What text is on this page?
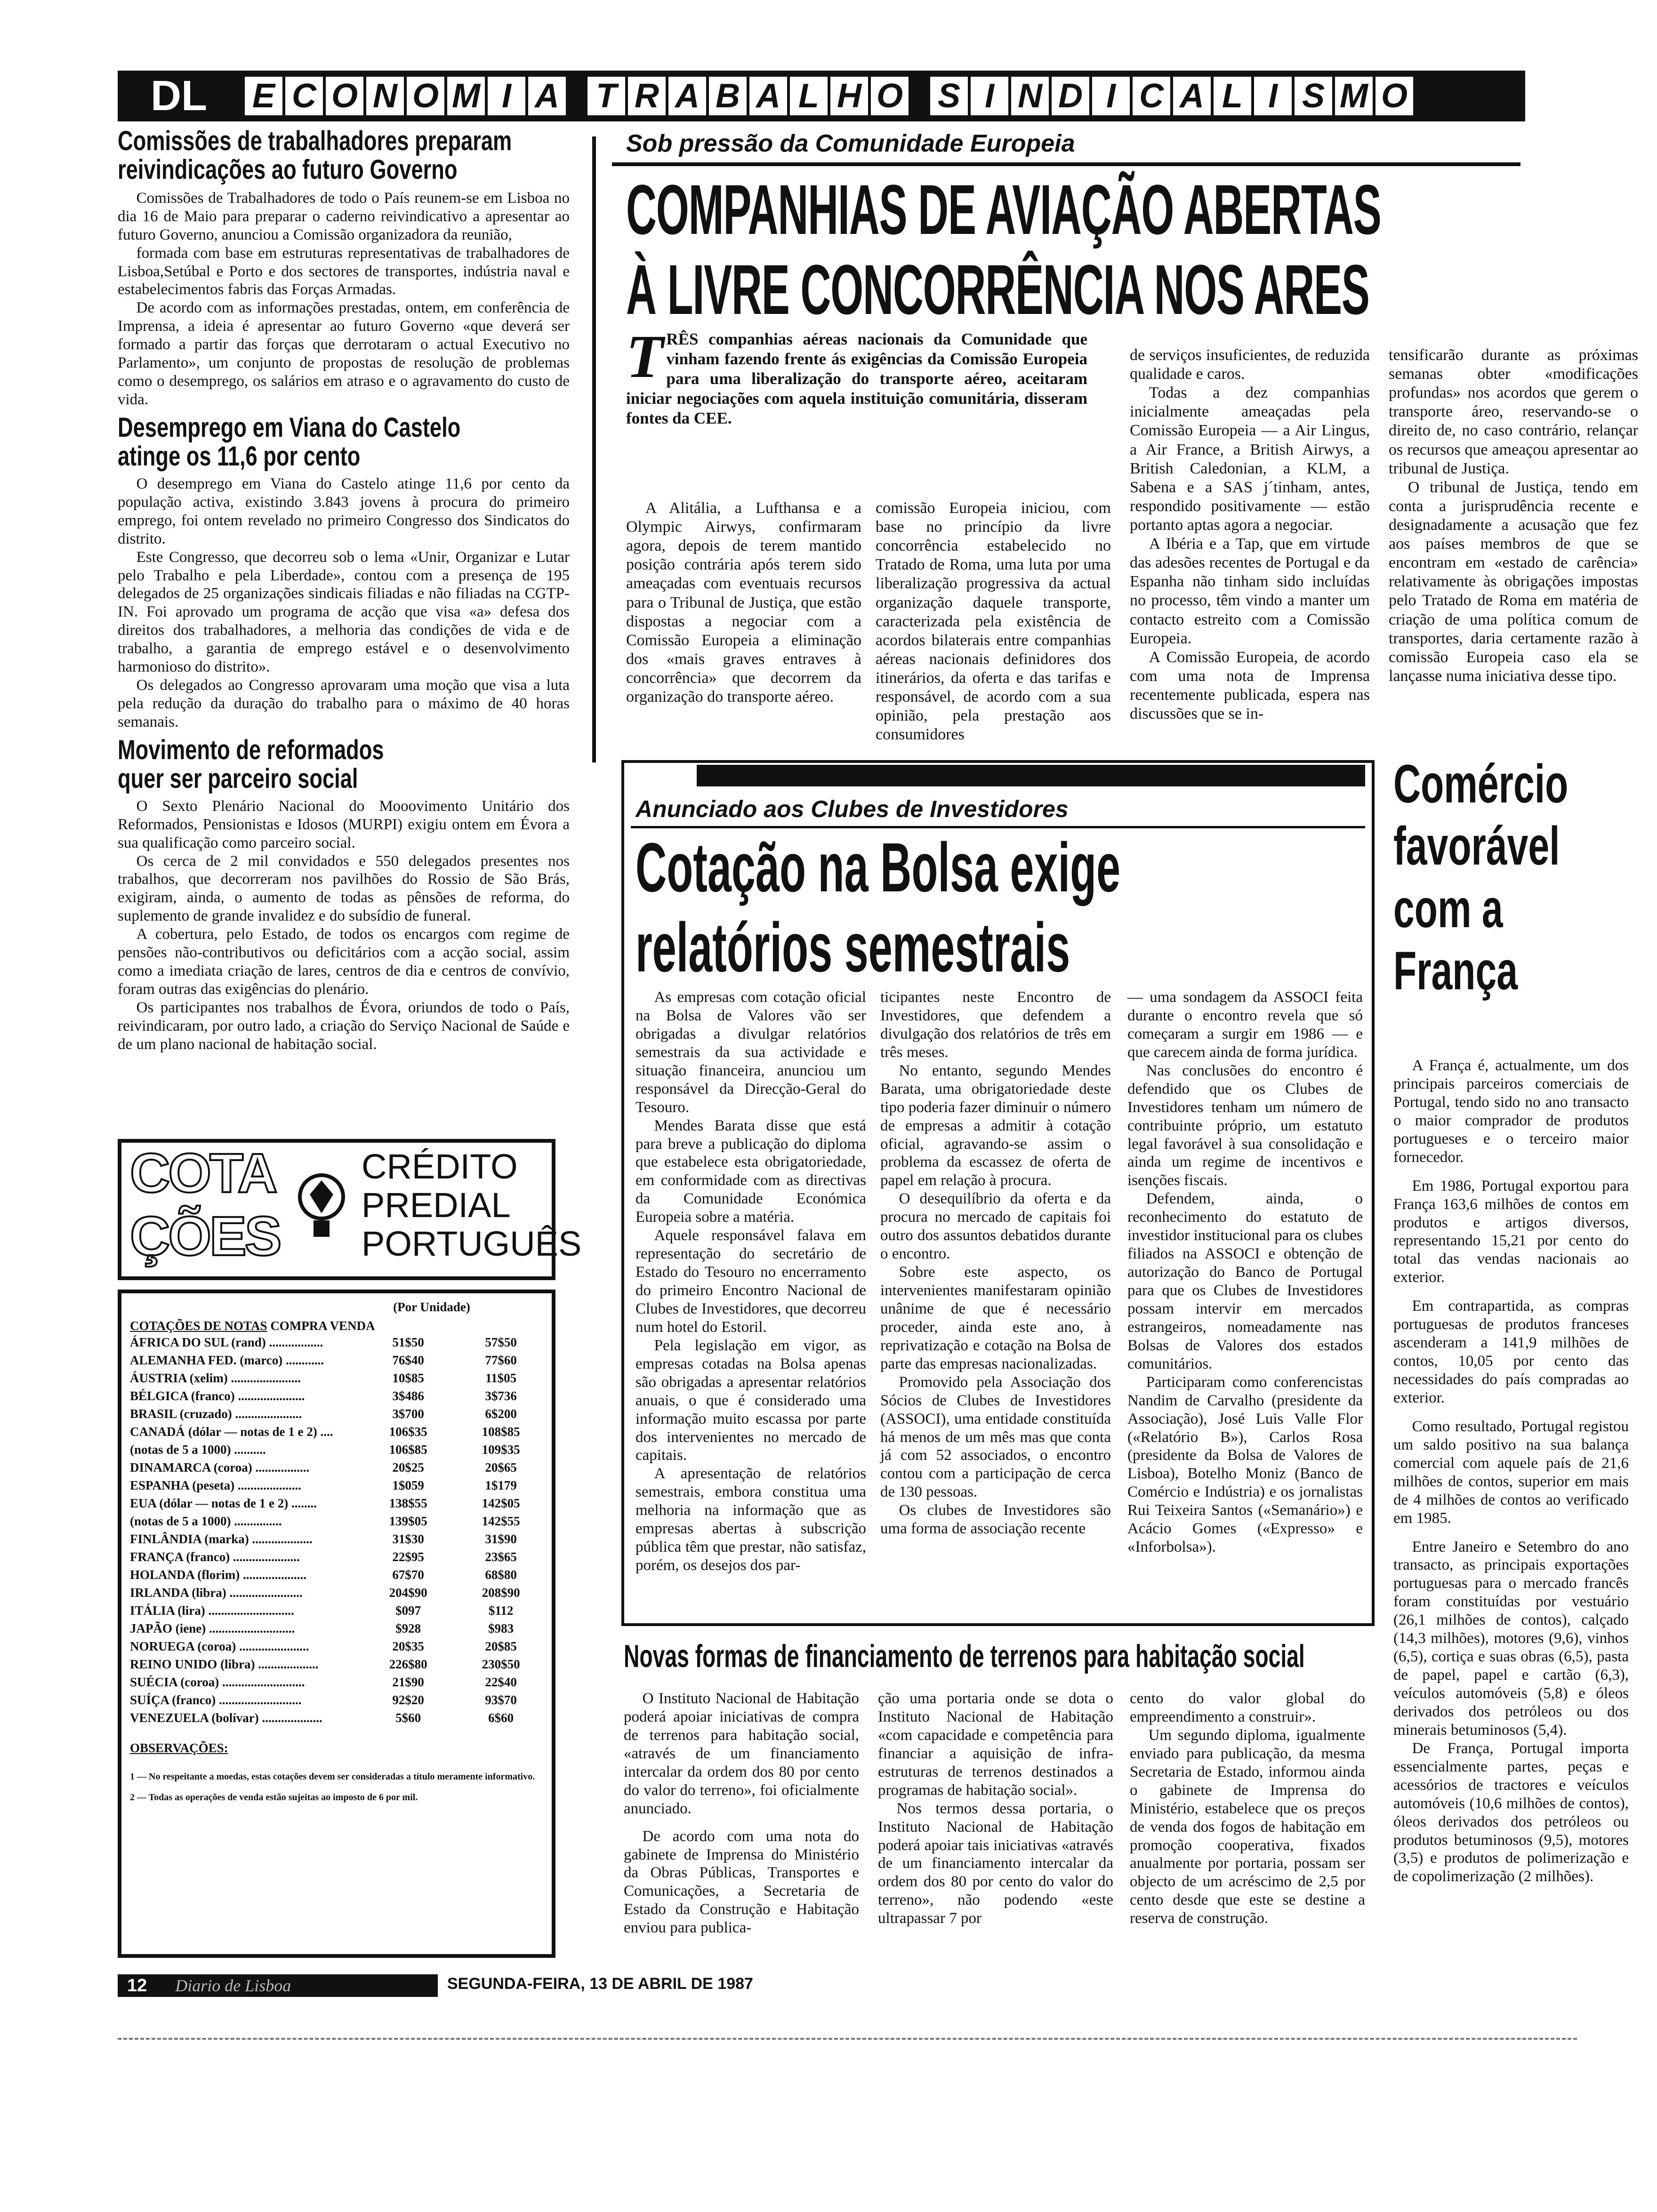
DL	E C O N O M I A T R A B A L H O S I N D I C A L I S M O
Comissões de trabalhadores preparam
reivindicações ao futuro Governo

Comissões de Trabalhadores de todo o País reunem-se em Lisboa no dia 16 de Maio para preparar o caderno reivindicativo a apresentar ao futuro Governo, anunciou a Comissão organizadora da reunião,

formada com base em estruturas representativas de trabalhadores de Lisboa,Setúbal e Porto e dos sectores de transportes, indústria naval e estabelecimentos fabris das Forças Armadas.

De acordo com as informações prestadas, ontem, em conferência de Imprensa, a ideia é apresentar ao futuro Governo «que deverá ser formado a partir das forças que derrotaram o actual Executivo no Parlamento», um conjunto de propostas de resolução de problemas como o desemprego, os salários em atraso e o agravamento do custo de vida.

Desemprego em Viana do Castelo
atinge os 11,6 por cento

O desemprego em Viana do Castelo atinge 11,6 por cento da população activa, existindo 3.843 jovens à procura do primeiro emprego, foi ontem revelado no primeiro Congresso dos Sindicatos do distrito.

Este Congresso, que decorreu sob o lema «Unir, Organizar e Lutar pelo Trabalho e pela Liberdade», contou com a presença de 195 delegados de 25 organizações sindicais filiadas e não filiadas na CGTP-IN. Foi aprovado um programa de acção que visa «a» defesa dos direitos dos trabalhadores, a melhoria das condições de vida e de trabalho, a garantia de emprego estável e o desenvolvimento harmonioso do distrito».

Os delegados ao Congresso aprovaram uma moção que visa a luta pela redução da duração do trabalho para o máximo de 40 horas semanais.

Movimento de reformados
quer ser parceiro social

O Sexto Plenário Nacional do Mooovimento Unitário dos Reformados, Pensionistas e Idosos (MURPI) exigiu ontem em Évora a sua qualificação como parceiro social.

Os cerca de 2 mil convidados e 550 delegados presentes nos trabalhos, que decorreram nos pavilhões do Rossio de São Brás, exigiram, ainda, o aumento de todas as pênsões de reforma, do suplemento de grande invalidez e do subsídio de funeral.

A cobertura, pelo Estado, de todos os encargos com regime de pensões não-contributivos ou deficitários com a acção social, assim como a imediata criação de lares, centros de dia e centros de convívio, foram outras das exigências do plenário.

Os participantes nos trabalhos de Évora, oriundos de todo o País, reivindicaram, por outro lado, a criação do Serviço Nacional de Saúde e de um plano nacional de habitação social.

COTA
ÇÕES
CRÉDITO
PREDIAL
PORTUGUÊS
(Por Unidade)
COTAÇÕES DE NOTAS COMPRA VENDA
ÁFRICA DO SUL (rand) .................	51$50	57$50
ALEMANHA FED. (marco) ............	76$40	77$60
ÁUSTRIA (xelim) ......................	10$85	11$05
BÉLGICA (franco) .....................	3$486	3$736
BRASIL (cruzado) .....................	3$700	6$200
CANADÁ (dólar — notas de 1 e 2) ....	106$35	108$85
(notas de 5 a 1000) ..........	106$85	109$35
DINAMARCA (coroa) .................	20$25	20$65
ESPANHA (peseta) ....................	1$059	1$179
EUA (dólar — notas de 1 e 2) ........	138$55	142$05
(notas de 5 a 1000) ...............	139$05	142$55
FINLÂNDIA (marka) ...................	31$30	31$90
FRANÇA (franco) .....................	22$95	23$65
HOLANDA (florim) ....................	67$70	68$80
IRLANDA (libra) .......................	204$90	208$90
ITÁLIA (lira) ...........................	$097	$112
JAPÃO (iene) ...........................	$928	$983
NORUEGA (coroa) ......................	20$35	20$85
REINO UNIDO (libra) ...................	226$80	230$50
SUÉCIA (coroa) ..........................	21$90	22$40
SUÍÇA (franco) ..........................	92$20	93$70
VENEZUELA (bolívar) ...................	5$60	6$60
OBSERVAÇÕES:
1 — No respeitante a moedas, estas cotações devem ser consideradas a título meramente informativo.
2 — Todas as operações de venda estão sujeitas ao imposto de 6 por mil.
Sob pressão da Comunidade Europeia
COMPANHIAS DE AVIAÇÃO ABERTAS
À LIVRE CONCORRÊNCIA NOS ARES
T RÊS companhias aéreas nacionais da Comunidade que vinham fazendo frente ás exigências da Comissão Europeia para uma liberalização do transporte aéreo, aceitaram iniciar negociações com aquela instituição comunitária, disseram fontes da CEE.

A Alitália, a Lufthansa e a Olympic Airwys, confirmaram agora, depois de terem mantido posição contrária após terem sido ameaçadas com eventuais recursos para o Tribunal de Justiça, que estão dispostas a negociar com a Comissão Europeia a eliminação dos «mais graves entraves à concorrência» que decorrem da organização do transporte aéreo.

comissão Europeia iniciou, com base no princípio da livre concorrência estabelecido no Tratado de Roma, uma luta por uma liberalização progressiva da actual organização daquele transporte, caracterizada pela existência de acordos bilaterais entre companhias aéreas nacionais definidores dos itinerários, da oferta e das tarifas e responsável, de acordo com a sua opinião, pela prestação aos consumidores

de serviços insuficientes, de reduzida qualidade e caros.

Todas a dez companhias inicialmente ameaçadas pela Comissão Europeia — a Air Lingus, a Air France, a British Airwys, a British Caledonian, a KLM, a Sabena e a SAS j´tinham, antes, respondido positivamente — estão portanto aptas agora a negociar.

A Ibéria e a Tap, que em virtude das adesões recentes de Portugal e da Espanha não tinham sido incluídas no processo, têm vindo a manter um contacto estreito com a Comissão Europeia.

A Comissão Europeia, de acordo com uma nota de Imprensa recentemente publicada, espera nas discussões que se in-

tensificarão durante as próximas semanas obter «modificações profundas» nos acordos que gerem o transporte áreo, reservando-se o direito de, no caso contrário, relançar os recursos que ameaçou apresentar ao tribunal de Justiça.

O tribunal de Justiça, tendo em conta a jurisprudência recente e designadamente a acusação que fez aos países membros de que se encontram em «estado de carência» relativamente às obrigações impostas pelo Tratado de Roma em matéria de criação de uma política comum de transportes, daria certamente razão à comissão Europeia caso ela se lançasse numa iniciativa desse tipo.

Anunciado aos Clubes de Investidores
Cotação na Bolsa exige
relatórios semestrais

As empresas com cotação oficial na Bolsa de Valores vão ser obrigadas a divulgar relatórios semestrais da sua actividade e situação financeira, anunciou um responsável da Direcção-Geral do Tesouro.

Mendes Barata disse que está para breve a publicação do diploma que estabelece esta obrigatoriedade, em conformidade com as directivas da Comunidade Económica Europeia sobre a matéria.

Aquele responsável falava em representação do secretário de Estado do Tesouro no encerramento do primeiro Encontro Nacional de Clubes de Investidores, que decorreu num hotel do Estoril.

Pela legislação em vigor, as empresas cotadas na Bolsa apenas são obrigadas a apresentar relatórios anuais, o que é considerado uma informação muito escassa por parte dos intervenientes no mercado de capitais.

A apresentação de relatórios semestrais, embora constitua uma melhoria na informação que as empresas abertas à subscrição pública têm que prestar, não satisfaz, porém, os desejos dos par-

ticipantes neste Encontro de Investidores, que defendem a divulgação dos relatórios de três em três meses.

No entanto, segundo Mendes Barata, uma obrigatoriedade deste tipo poderia fazer diminuir o número de empresas a admitir à cotação oficial, agravando-se assim o problema da escassez de oferta de papel em relação à procura.

O desequilíbrio da oferta e da procura no mercado de capitais foi outro dos assuntos debatidos durante o encontro.

Sobre este aspecto, os intervenientes manifestaram opinião unânime de que é necessário proceder, ainda este ano, à reprivatização e cotação na Bolsa de parte das empresas nacionalizadas.

Promovido pela Associação dos Sócios de Clubes de Investidores (ASSOCI), uma entidade constituída há menos de um mês mas que conta já com 52 associados, o encontro contou com a participação de cerca de 130 pessoas.

Os clubes de Investidores são uma forma de associação recente

— uma sondagem da ASSOCI feita durante o encontro revela que só começaram a surgir em 1986 — e que carecem ainda de forma jurídica.

Nas conclusões do encontro é defendido que os Clubes de Investidores tenham um número de contribuinte próprio, um estatuto legal favorável à sua consolidação e ainda um regime de incentivos e isenções fiscais.

Defendem, ainda, o reconhecimento do estatuto de investidor institucional para os clubes filiados na ASSOCI e obtenção de autorização do Banco de Portugal para que os Clubes de Investidores possam intervir em mercados estrangeiros, nomeadamente nas Bolsas de Valores dos estados comunitários.

Participaram como conferencistas Nandim de Carvalho (presidente da Associação), José Luis Valle Flor («Relatório B»), Carlos Rosa (presidente da Bolsa de Valores de Lisboa), Botelho Moniz (Banco de Comércio e Indústria) e os jornalistas Rui Teixeira Santos («Semanário») e Acácio Gomes («Expresso» e «Inforbolsa»).

Comércio
favorável
com a
França

A França é, actualmente, um dos principais parceiros comerciais de Portugal, tendo sido no ano transacto o maior comprador de produtos portugueses e o terceiro maior fornecedor.

Em 1986, Portugal exportou para França 163,6 milhões de contos em produtos e artigos diversos, representando 15,21 por cento do total das vendas nacionais ao exterior.

Em contrapartida, as compras portuguesas de produtos franceses ascenderam a 141,9 milhões de contos, 10,05 por cento das necessidades do país compradas ao exterior.

Como resultado, Portugal registou um saldo positivo na sua balança comercial com aquele país de 21,6 milhões de contos, superior em mais de 4 milhões de contos ao verificado em 1985.

Entre Janeiro e Setembro do ano transacto, as principais exportações portuguesas para o mercado francês foram constituídas por vestuário (26,1 milhões de contos), calçado (14,3 milhões), motores (9,6), vinhos (6,5), cortiça e suas obras (6,5), pasta de papel, papel e cartão (6,3), veículos automóveis (5,8) e óleos derivados dos petróleos ou dos minerais betuminosos (5,4).

De França, Portugal importa essencialmente partes, peças e acessórios de tractores e veículos automóveis (10,6 milhões de contos), óleos derivados dos petróleos ou produtos betuminosos (9,5), motores (3,5) e produtos de polimerização e de copolimerização (2 milhões).

Novas formas de financiamento de terrenos para habitação social

O Instituto Nacional de Habitação poderá apoiar iniciativas de compra de terrenos para habitação social, «através de um financiamento intercalar da ordem dos 80 por cento do valor do terreno», foi oficialmente anunciado.

De acordo com uma nota do gabinete de Imprensa do Ministério da Obras Públicas, Transportes e Comunicações, a Secretaria de Estado da Construção e Habitação enviou para publica-

ção uma portaria onde se dota o Instituto Nacional de Habitação «com capacidade e competência para financiar a aquisição de infra-estruturas de terrenos destinados a programas de habitação social».

Nos termos dessa portaria, o Instituto Nacional de Habitação poderá apoiar tais iniciativas «através de um financiamento intercalar da ordem dos 80 por cento do valor do terreno», não podendo «este ultrapassar 7 por

cento do valor global do empreendimento a construir».

Um segundo diploma, igualmente enviado para publicação, da mesma Secretaria de Estado, informou ainda o gabinete de Imprensa do Ministério, estabelece que os preços de venda dos fogos de habitação em promoção cooperativa, fixados anualmente por portaria, possam ser objecto de um acréscimo de 2,5 por cento desde que este se destine a reserva de construção.

12	Diario de Lisboa	SEGUNDA-FEIRA, 13 DE ABRIL DE 1987
